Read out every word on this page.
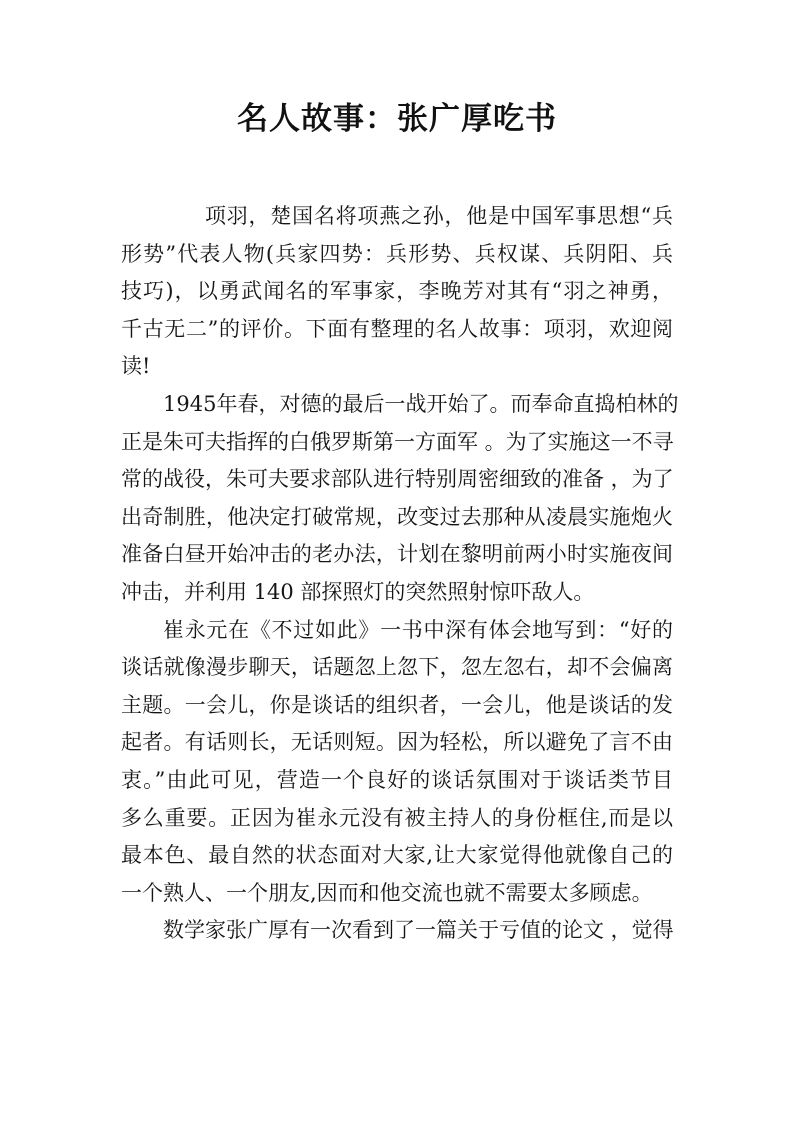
名人故事：张广厚吃书
项羽，楚国名将项燕之孙，他是中国军事思想“兵
形势”代表人物(兵家四势：兵形势、兵权谋、兵阴阳、兵
技巧)，以勇武闻名的军事家，李晚芳对其有“羽之神勇，
千古无二”的评价。下面有整理的名人故事：项羽，欢迎阅
读!
1945年春，对德的最后一战开始了。而奉命直捣柏林的
正是朱可夫指挥的白俄罗斯第一方面军 。为了实施这一不寻
常的战役，朱可夫要求部队进行特别周密细致的准备 ，为了
出奇制胜，他决定打破常规，改变过去那种从凌晨实施炮火
准备白昼开始冲击的老办法，计划在黎明前两小时实施夜间
冲击，并利用 140 部探照灯的突然照射惊吓敌人。
崔永元在《不过如此》一书中深有体会地写到：“好的
谈话就像漫步聊天，话题忽上忽下，忽左忽右，却不会偏离
主题。一会儿，你是谈话的组织者，一会儿，他是谈话的发
起者。有话则长，无话则短。因为轻松，所以避免了言不由
衷。”由此可见，营造一个良好的谈话氛围对于谈话类节目
多么重要。正因为崔永元没有被主持人的身份框住,而是以
最本色、最自然的状态面对大家,让大家觉得他就像自己的
一个熟人、一个朋友,因而和他交流也就不需要太多顾虑。
数学家张广厚有一次看到了一篇关于亏值的论文 ，觉得
